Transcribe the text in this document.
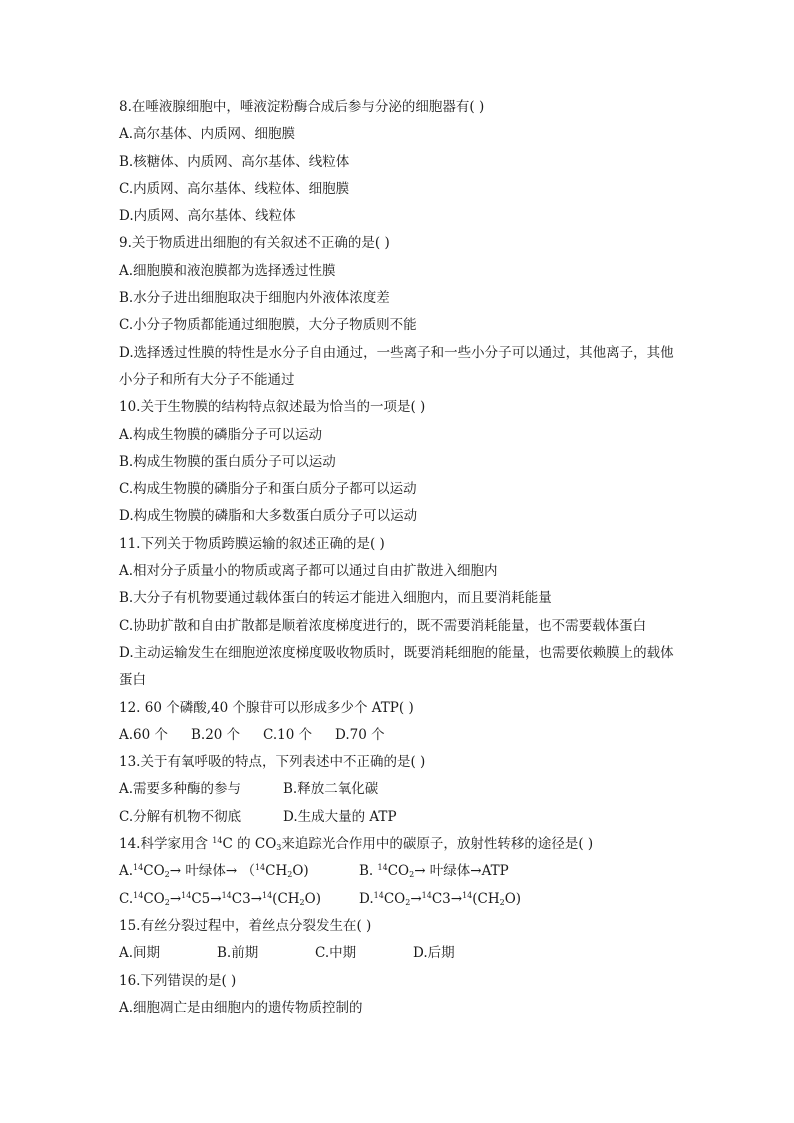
8.在唾液腺细胞中，唾液淀粉酶合成后参与分泌的细胞器有( )
A.高尔基体、内质网、细胞膜
B.核糖体、内质网、高尔基体、线粒体
C.内质网、高尔基体、线粒体、细胞膜
D.内质网、高尔基体、线粒体
9.关于物质进出细胞的有关叙述不正确的是( )
A.细胞膜和液泡膜都为选择透过性膜
B.水分子进出细胞取决于细胞内外液体浓度差
C.小分子物质都能通过细胞膜，大分子物质则不能
D.选择透过性膜的特性是水分子自由通过，一些离子和一些小分子可以通过，其他离子，其他小分子和所有大分子不能通过
10.关于生物膜的结构特点叙述最为恰当的一项是( )
A.构成生物膜的磷脂分子可以运动
B.构成生物膜的蛋白质分子可以运动
C.构成生物膜的磷脂分子和蛋白质分子都可以运动
D.构成生物膜的磷脂和大多数蛋白质分子可以运动
11.下列关于物质跨膜运输的叙述正确的是( )
A.相对分子质量小的物质或离子都可以通过自由扩散进入细胞内
B.大分子有机物要通过载体蛋白的转运才能进入细胞内，而且要消耗能量
C.协助扩散和自由扩散都是顺着浓度梯度进行的，既不需要消耗能量，也不需要载体蛋白
D.主动运输发生在细胞逆浓度梯度吸收物质时，既要消耗细胞的能量，也需要依赖膜上的载体蛋白
12. 60 个磷酸,40 个腺苷可以形成多少个 ATP( )
A.60 个	B.20 个	C.10 个	D.70 个
13.关于有氧呼吸的特点，下列表述中不正确的是( )
A.需要多种酶的参与	B.释放二氧化碳
C.分解有机物不彻底	D.生成大量的 ATP
14.科学家用含 $^{14}$C 的 $CO_3$来追踪光合作用中的碳原子，放射性转移的途径是( )
$A.^{14}CO_2\to$ 叶绿体→ $(^{14}CH_2O)$	B. $^{14}CO_2\to$ 叶绿体→ATP
$C.^{14}CO_2\to^{14}C5\to^{14}C3\to^{14}(CH_2O)$	$D.^{14}CO_2\to^{14}C3\to^{14}(CH_2O)$
15.有丝分裂过程中，着丝点分裂发生在( )
A.间期	B.前期	C.中期	D.后期
16.下列错误的是( )
A.细胞凋亡是由细胞内的遗传物质控制的
